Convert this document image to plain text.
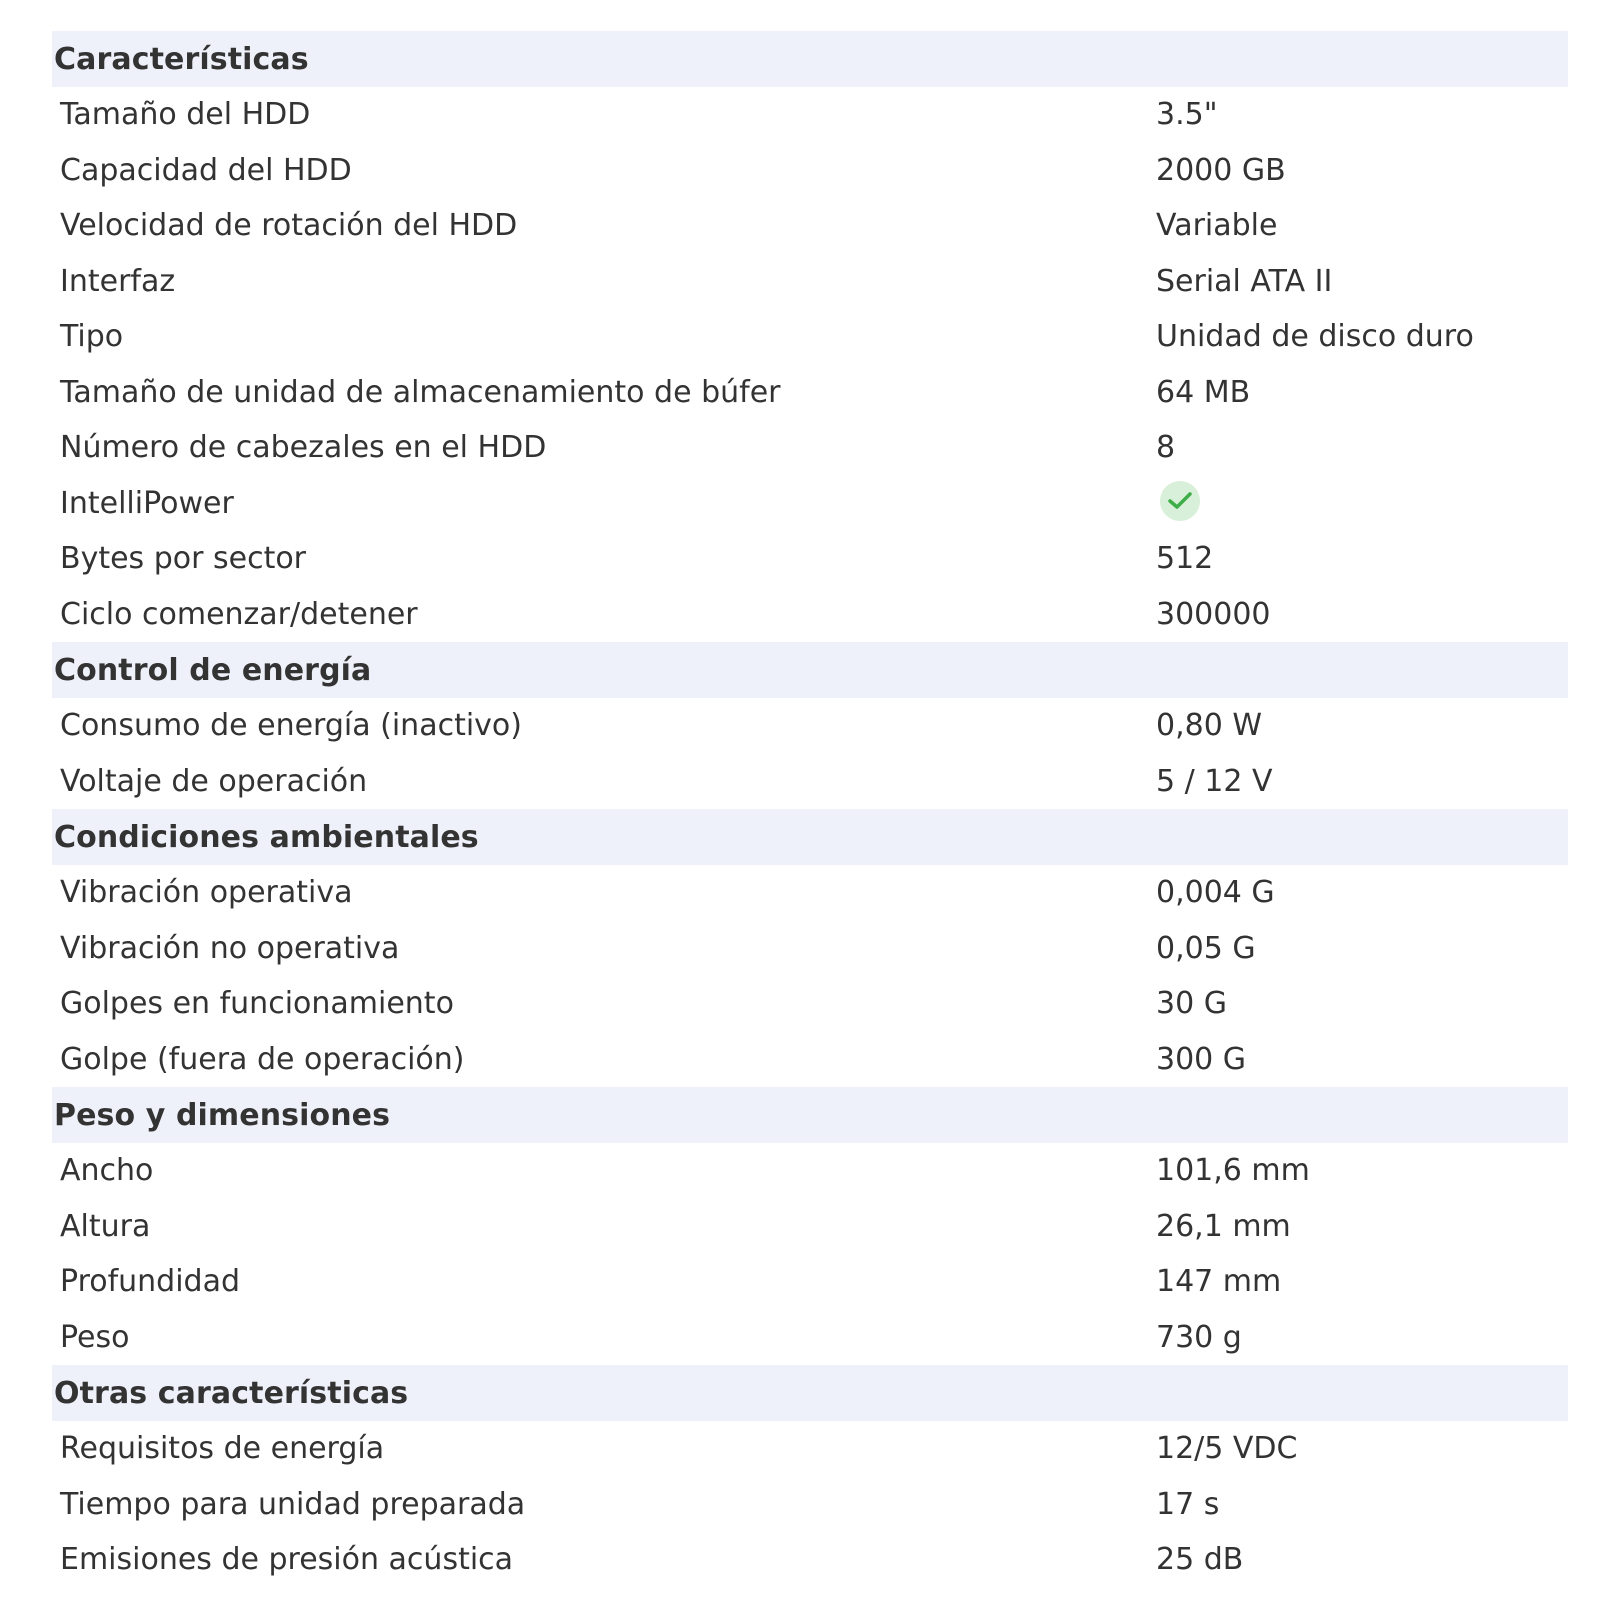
Características
Tamaño del HDD	3.5"
Capacidad del HDD	2000 GB
Velocidad de rotación del HDD	Variable
Interfaz	Serial ATA II
Tipo	Unidad de disco duro
Tamaño de unidad de almacenamiento de búfer	64 MB
Número de cabezales en el HDD	8
IntelliPower
Bytes por sector	512
Ciclo comenzar/detener	300000
Control de energía
Consumo de energía (inactivo)	0,80 W
Voltaje de operación	5 / 12 V
Condiciones ambientales
Vibración operativa	0,004 G
Vibración no operativa	0,05 G
Golpes en funcionamiento	30 G
Golpe (fuera de operación)	300 G
Peso y dimensiones
Ancho	101,6 mm
Altura	26,1 mm
Profundidad	147 mm
Peso	730 g
Otras características
Requisitos de energía	12/5 VDC
Tiempo para unidad preparada	17 s
Emisiones de presión acústica	25 dB
